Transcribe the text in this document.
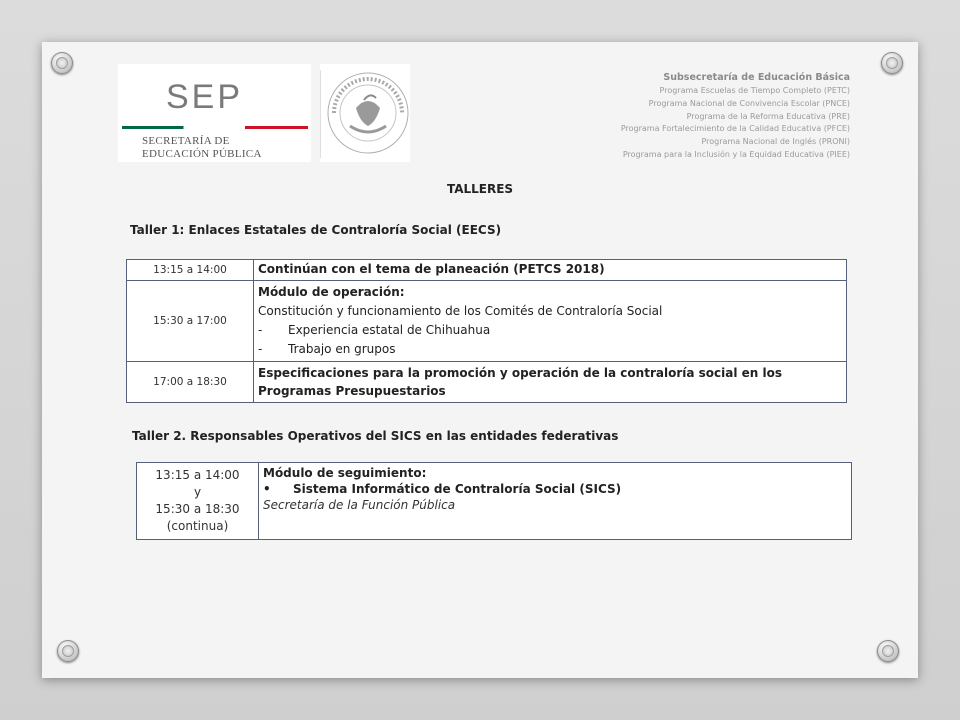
SEP
SECRETARÍA DE
EDUCACIÓN PÚBLICA
Subsecretaría de Educación Básica
Programa Escuelas de Tiempo Completo (PETC)
Programa Nacional de Convivencia Escolar (PNCE)
Programa de la Reforma Educativa (PRE)
Programa Fortalecimiento de la Calidad Educativa (PFCE)
Programa Nacional de Inglés (PRONI)
Programa para la Inclusión y la Equidad Educativa (PIEE)
TALLERES
Taller 1: Enlaces Estatales de Contraloría Social (EECS)
13:15 a 14:00	Continúan con el tema de planeación (PETCS 2018)
15:30 a 17:00	Módulo de operación:
Constitución y funcionamiento de los Comités de Contraloría Social
- Experiencia estatal de Chihuahua
- Trabajo en grupos

17:00 a 18:30	Especificaciones para la promoción y operación de la contraloría social en los
Programas Presupuestarios
Taller 2. Responsables Operativos del SICS en las entidades federativas
13:15 a 14:00
y
15:30 a 18:30
(continua)

Módulo de seguimiento:
• Sistema Informático de Contraloría Social (SICS)
Secretaría de la Función Pública
